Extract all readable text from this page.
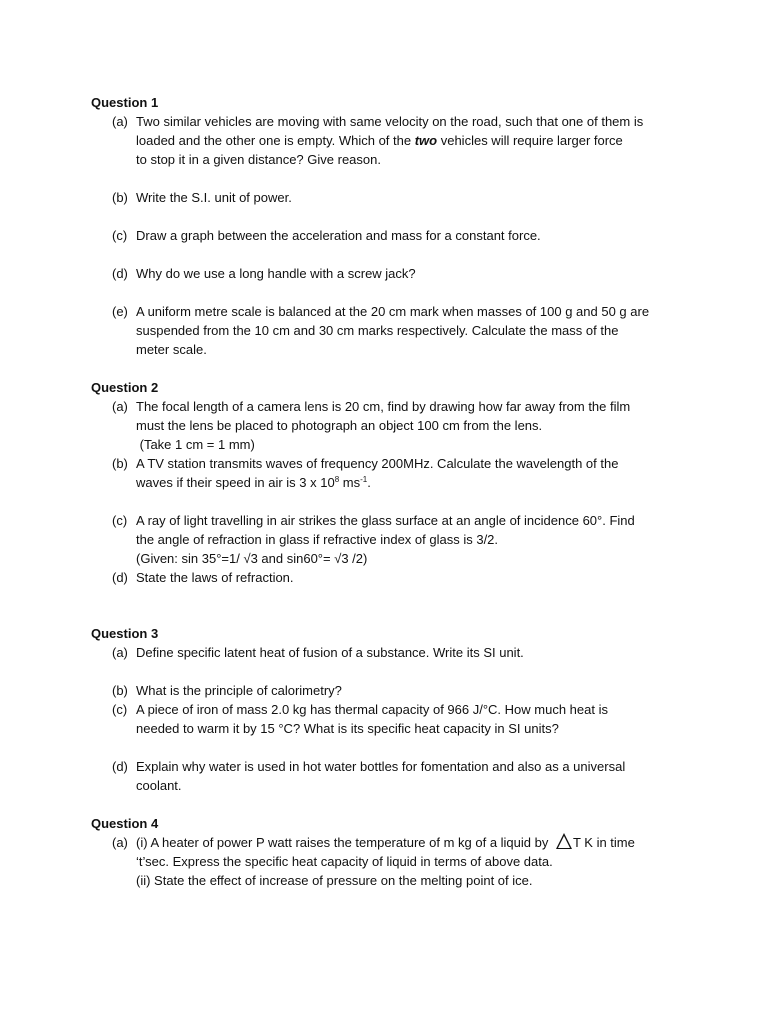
Question 1
(a) Two similar vehicles are moving with same velocity on the road, such that one of them is
loaded and the other one is empty. Which of the two vehicles will require larger force
to stop it in a given distance? Give reason.
(b) Write the S.I. unit of power.
(c) Draw a graph between the acceleration and mass for a constant force.
(d) Why do we use a long handle with a screw jack?
(e) A uniform metre scale is balanced at the 20 cm mark when masses of 100 g and 50 g are
suspended from the 10 cm and 30 cm marks respectively. Calculate the mass of the
meter scale.
Question 2
(a) The focal length of a camera lens is 20 cm, find by drawing how far away from the film
must the lens be placed to photograph an object 100 cm from the lens.
(Take 1 cm = 1 mm)
(b) A TV station transmits waves of frequency 200MHz. Calculate the wavelength of the
waves if their speed in air is 3 x $10^8$ $ms^{-1}$.
(c) A ray of light travelling in air strikes the glass surface at an angle of incidence 60°. Find
the angle of refraction in glass if refractive index of glass is 3/2.
(Given: sin 35°=1/ √3 and sin60°= √3 /2)
(d) State the laws of refraction.
Question 3
(a) Define specific latent heat of fusion of a substance. Write its SI unit.
(b) What is the principle of calorimetry?
(c) A piece of iron of mass 2.0 kg has thermal capacity of 966 J/°C. How much heat is
needed to warm it by 15 °C? What is its specific heat capacity in SI units?
(d) Explain why water is used in hot water bottles for fomentation and also as a universal
coolant.
Question 4
(a) (i) A heater of power P watt raises the temperature of m kg of a liquid by T K in time
‘t’sec. Express the specific heat capacity of liquid in terms of above data.
(ii) State the effect of increase of pressure on the melting point of ice.
